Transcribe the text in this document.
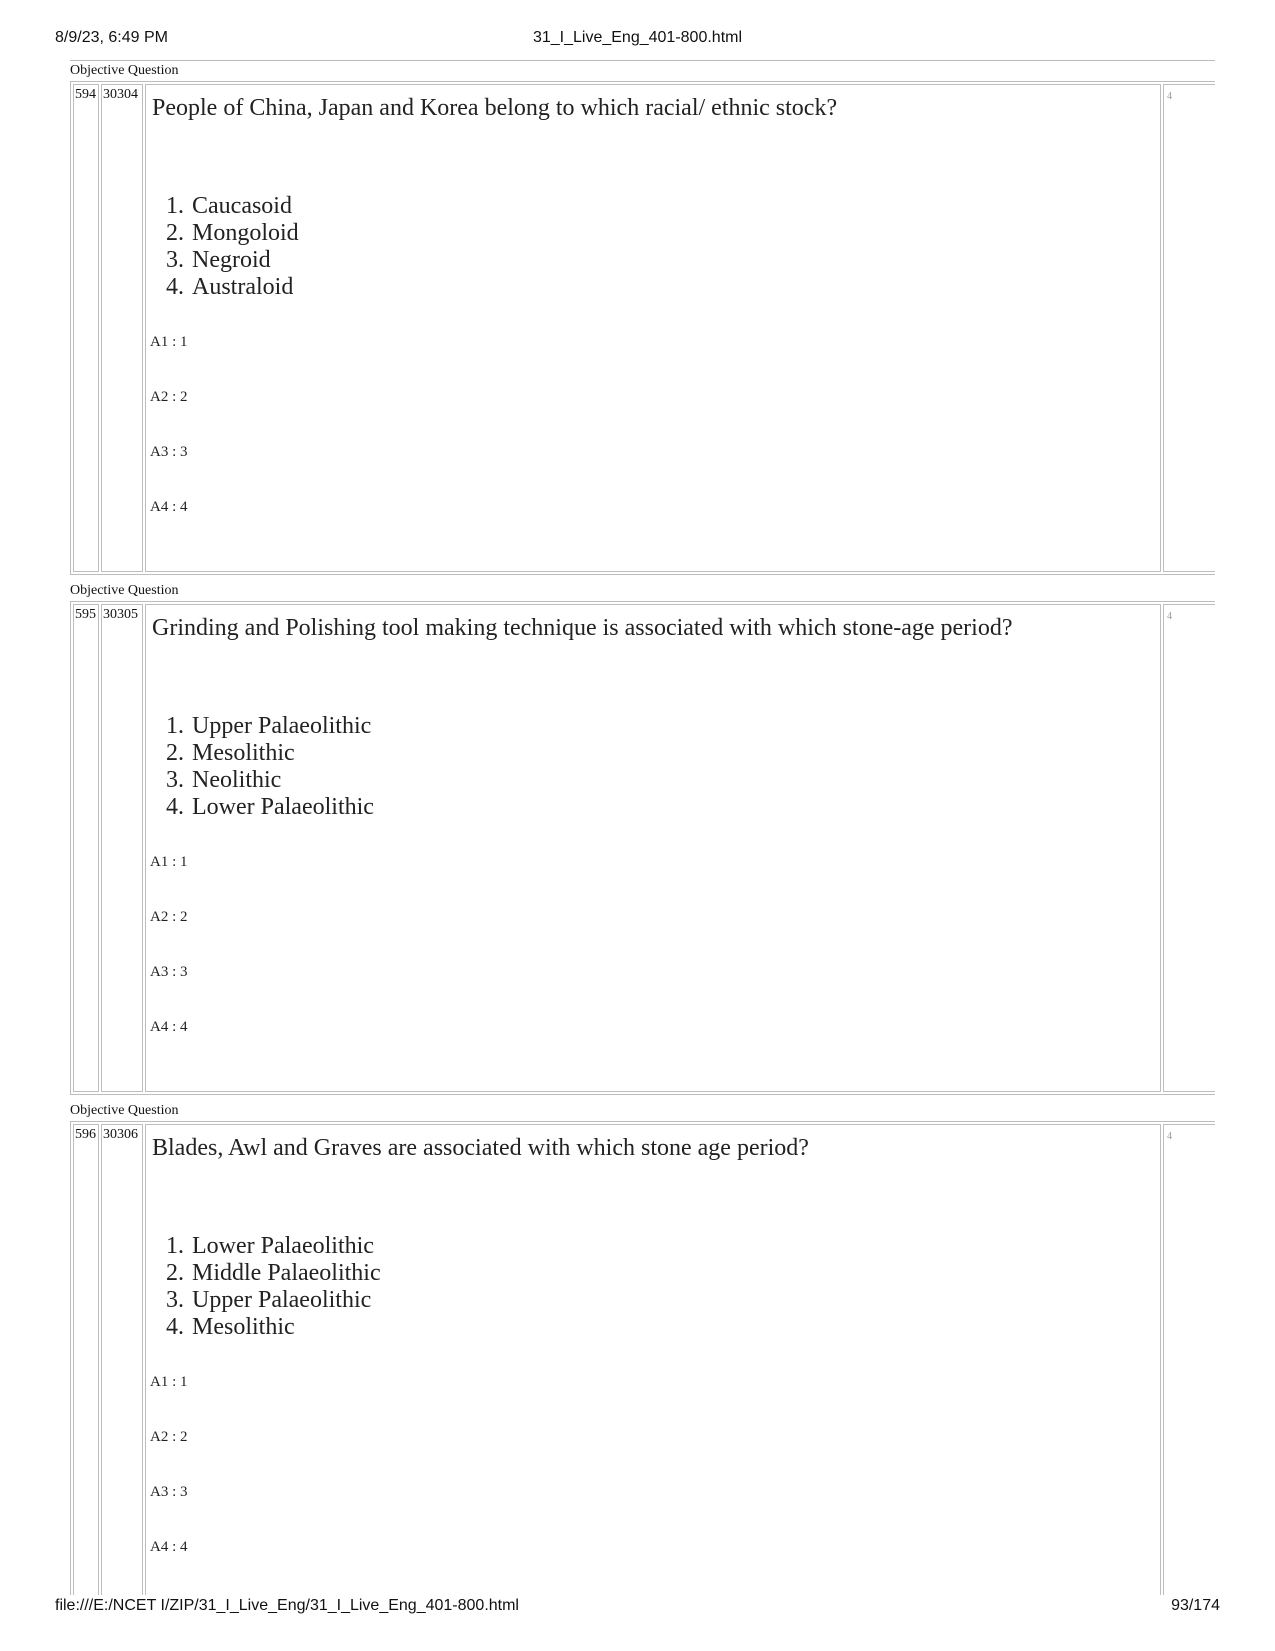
8/9/23, 6:49 PM	31_I_Live_Eng_401-800.html
Objective Question
594 30304
People of China, Japan and Korea belong to which racial/ ethnic stock?
1. Caucasoid
2. Mongoloid
3. Negroid
4. Australoid
A1 : 1
A2 : 2
A3 : 3
A4 : 4
4
Objective Question
595 30305
Grinding and Polishing tool making technique is associated with which stone-age period?
1. Upper Palaeolithic
2. Mesolithic
3. Neolithic
4. Lower Palaeolithic
A1 : 1
A2 : 2
A3 : 3
A4 : 4
4
Objective Question
596 30306
Blades, Awl and Graves are associated with which stone age period?
1. Lower Palaeolithic
2. Middle Palaeolithic
3. Upper Palaeolithic
4. Mesolithic
A1 : 1
A2 : 2
A3 : 3
A4 : 4
4
file:///E:/NCET I/ZIP/31_I_Live_Eng/31_I_Live_Eng_401-800.html	93/174
